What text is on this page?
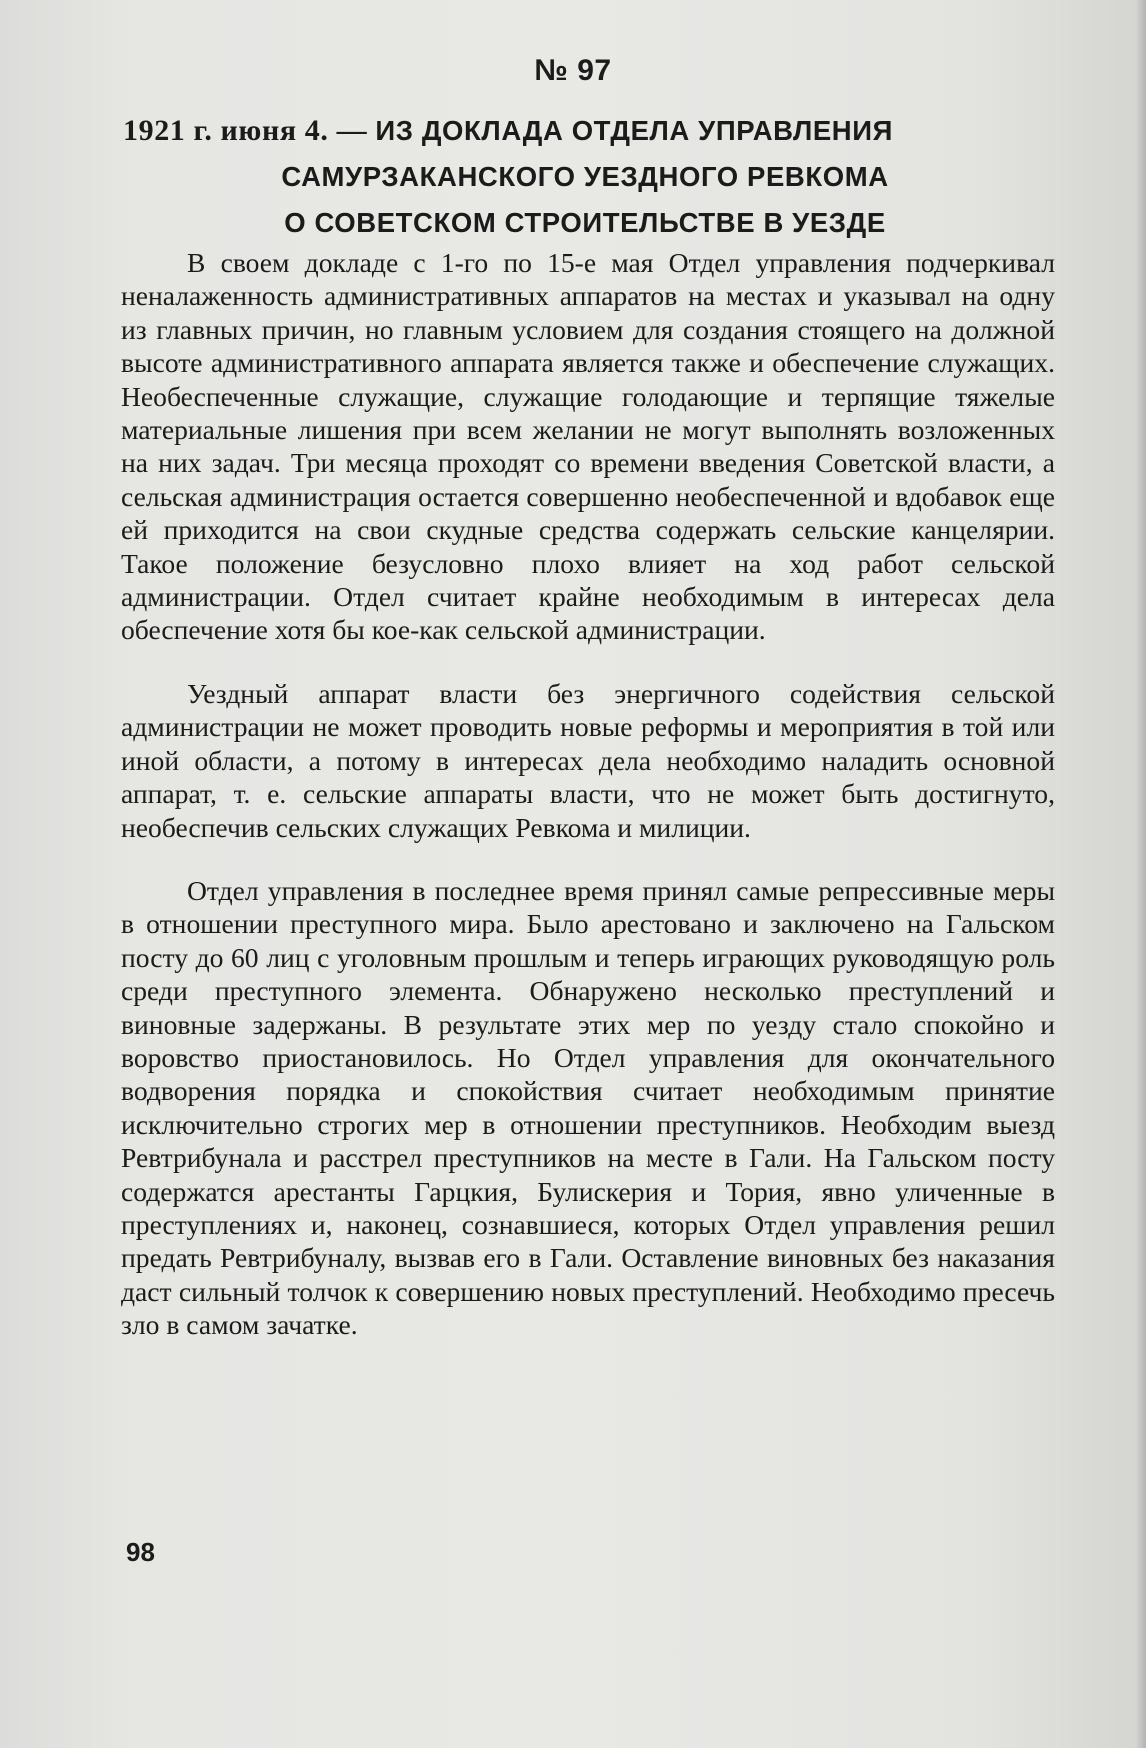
№ 97
1921 г. июня 4. — ИЗ ДОКЛАДА ОТДЕЛА УПРАВЛЕНИЯ
САМУРЗАКАНСКОГО УЕЗДНОГО РЕВКОМА
О СОВЕТСКОМ СТРОИТЕЛЬСТВЕ В УЕЗДЕ

В своем докладе с 1-го по 15-е мая Отдел управления подчеркивал неналаженность административных аппаратов на местах и указывал на одну из главных причин, но главным условием для создания стоящего на должной высоте административного аппарата является также и обеспечение служащих. Необеспеченные служащие, служащие голодающие и терпящие тяжелые материальные лишения при всем желании не могут выполнять возложенных на них задач. Три месяца проходят со времени введения Советской власти, а сельская администрация остается совершенно необеспеченной и вдобавок еще ей приходится на свои скудные средства содержать сельские канцелярии. Такое положение безусловно плохо влияет на ход работ сельской администрации. Отдел считает крайне необходимым в интересах дела обеспечение хотя бы кое-как сельской администрации.

Уездный аппарат власти без энергичного содействия сельской администрации не может проводить новые реформы и мероприятия в той или иной области, а потому в интересах дела необходимо наладить основной аппарат, т. е. сельские аппараты власти, что не может быть достигнуто, необеспечив сельских служащих Ревкома и милиции.

Отдел управления в последнее время принял самые репрессивные меры в отношении преступного мира. Было арестовано и заключено на Гальском посту до 60 лиц с уголовным прошлым и теперь играющих руководящую роль среди преступного элемента. Обнаружено несколько преступлений и виновные задержаны. В результате этих мер по уезду стало спокойно и воровство приостановилось. Но Отдел управления для окончательного водворения порядка и спокойствия считает необходимым принятие исключительно строгих мер в отношении преступников. Необходим выезд Ревтрибунала и расстрел преступников на месте в Гали. На Гальском посту содержатся арестанты Гарцкия, Булискерия и Тория, явно уличенные в преступлениях и, наконец, сознавшиеся, которых Отдел управления решил предать Ревтрибуналу, вызвав его в Гали. Оставление виновных без наказания даст сильный толчок к совершению новых преступлений. Необходимо пресечь зло в самом зачатке.

98
